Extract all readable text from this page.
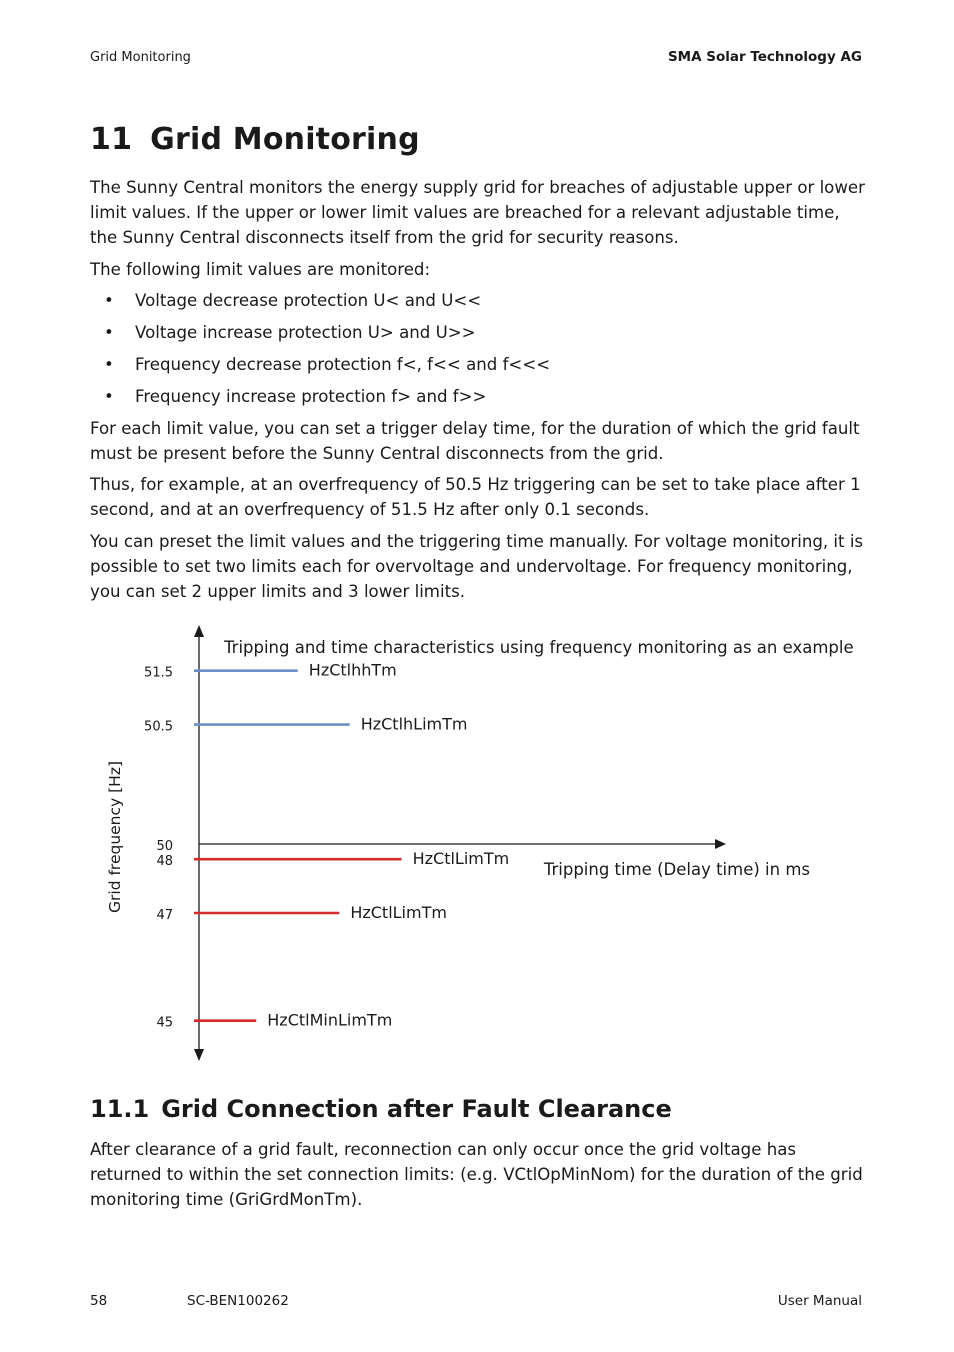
Grid Monitoring	SMA Solar Technology AG
11 Grid Monitoring

The Sunny Central monitors the energy supply grid for breaches of adjustable upper or lower limit values. If the upper or lower limit values are breached for a relevant adjustable time, the Sunny Central disconnects itself from the grid for security reasons.

The following limit values are monitored:

• Voltage decrease protection U< and U<<
• Voltage increase protection U> and U>>
• Frequency decrease protection f<, f<< and f<<<
• Frequency increase protection f> and f>>

For each limit value, you can set a trigger delay time, for the duration of which the grid fault must be present before the Sunny Central disconnects from the grid.

Thus, for example, at an overfrequency of 50.5 Hz triggering can be set to take place after 1 second, and at an overfrequency of 51.5 Hz after only 0.1 seconds.

You can preset the limit values and the triggering time manually. For voltage monitoring, it is possible to set two limits each for overvoltage and undervoltage. For frequency monitoring, you can set 2 upper limits and 3 lower limits.

Tripping and time characteristics using frequency monitoring as an example
Grid frequency [Hz]	Tripping time (Delay time) in ms
50
51.5	HzCtlhhTm
50.5	HzCtlhLimTm
48	HzCtlLimTm
47	HzCtlLimTm
45	HzCtlMinLimTm
11.1 Grid Connection after Fault Clearance

After clearance of a grid fault, reconnection can only occur once the grid voltage has returned to within the set connection limits: (e.g. VCtlOpMinNom) for the duration of the grid monitoring time (GriGrdMonTm).

58	SC-BEN100262	User Manual
